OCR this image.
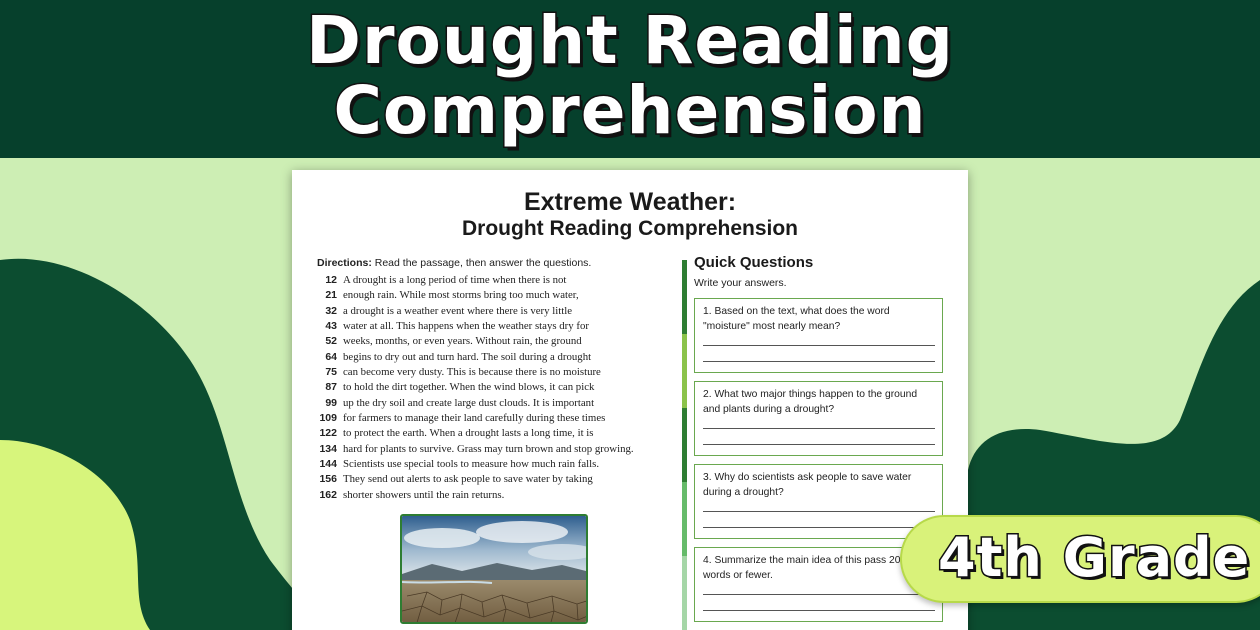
Drought Reading
Comprehension
Extreme Weather:
Drought Reading Comprehension
Directions: Read the passage, then answer the questions.
12 A drought is a long period of time when there is not
21 enough rain. While most storms bring too much water,
32 a drought is a weather event where there is very little
43 water at all. This happens when the weather stays dry for
52 weeks, months, or even years. Without rain, the ground
64 begins to dry out and turn hard. The soil during a drought
75 can become very dusty. This is because there is no moisture
87 to hold the dirt together. When the wind blows, it can pick
99 up the dry soil and create large dust clouds. It is important
109 for farmers to manage their land carefully during these times
122 to protect the earth. When a drought lasts a long time, it is
134 hard for plants to survive. Grass may turn brown and stop growing.
144 Scientists use special tools to measure how much rain falls.
156 They send out alerts to ask people to save water by taking
162 shorter showers until the rain returns.
Quick Questions
Write your answers.
1. Based on the text, what does the word "moisture" most nearly mean?
2. What two major things happen to the ground and plants during a drought?
3. Why do scientists ask people to save water during a drought?
4. Summarize the main idea of this pass 20 words or fewer.	4th Grade
